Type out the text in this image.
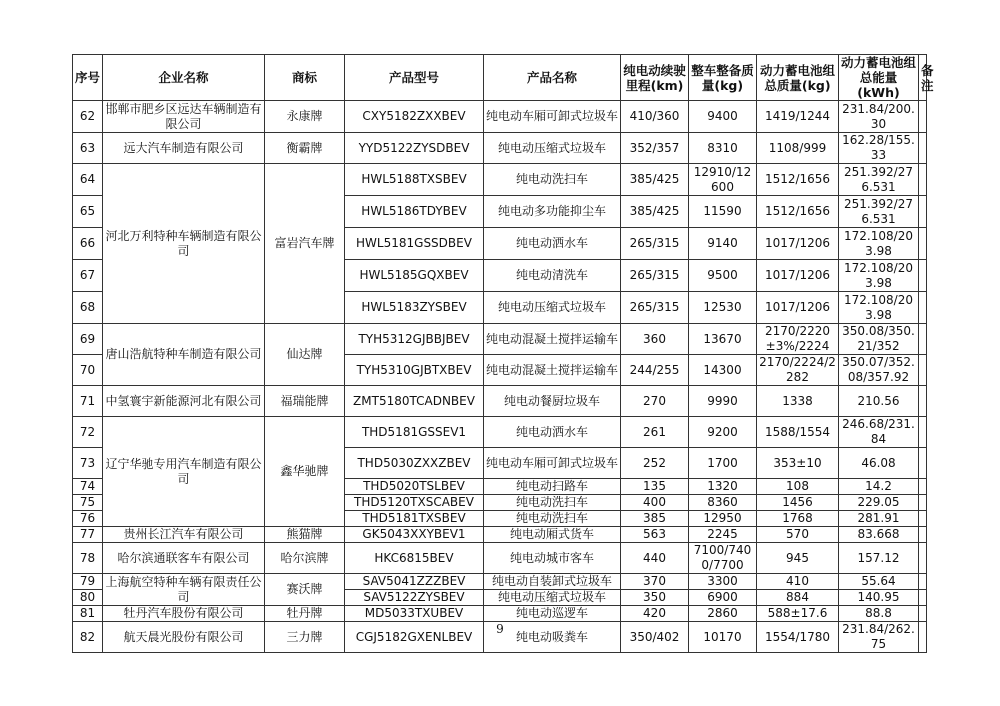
序号	企业名称	商标	产品型号	产品名称	纯电动续驶里程(km)	整车整备质量(kg)	动力蓄电池组总质量(kg)	动力蓄电池组总能量(kWh)	备注
62	邯郸市肥乡区远达车辆制造有限公司	永康牌	CXY5182ZXXBEV	纯电动车厢可卸式垃圾车	410/360	9400	1419/1244	231.84/200.30	
63	远大汽车制造有限公司	衡霸牌	YYD5122ZYSDBEV	纯电动压缩式垃圾车	352/357	8310	1108/999	162.28/155.33	
64	河北万利特种车辆制造有限公司	富岩汽车牌	HWL5188TXSBEV	纯电动洗扫车	385/425	12910/12600	1512/1656	251.392/276.531	
65			HWL5186TDYBEV	纯电动多功能抑尘车	385/425	11590	1512/1656	251.392/276.531	
66			HWL5181GSSDBEV	纯电动洒水车	265/315	9140	1017/1206	172.108/203.98	
67			HWL5185GQXBEV	纯电动清洗车	265/315	9500	1017/1206	172.108/203.98	
68			HWL5183ZYSBEV	纯电动压缩式垃圾车	265/315	12530	1017/1206	172.108/203.98	
69	唐山浩航特种车制造有限公司	仙达牌	TYH5312GJBBJBEV	纯电动混凝土搅拌运输车	360	13670	2170/2220±3%/2224	350.08/350.21/352	
70			TYH5310GJBTXBEV	纯电动混凝土搅拌运输车	244/255	14300	2170/2224/2282	350.07/352.08/357.92	
71	中氢寰宇新能源河北有限公司	福瑞能牌	ZMT5180TCADNBEV	纯电动餐厨垃圾车	270	9990	1338	210.56	
72	辽宁华驰专用汽车制造有限公司	鑫华驰牌	THD5181GSSEV1	纯电动洒水车	261	9200	1588/1554	246.68/231.84	
73			THD5030ZXXZBEV	纯电动车厢可卸式垃圾车	252	1700	353±10	46.08	
74			THD5020TSLBEV	纯电动扫路车	135	1320	108	14.2	
75			THD5120TXSCABEV	纯电动洗扫车	400	8360	1456	229.05	
76			THD5181TXSBEV	纯电动洗扫车	385	12950	1768	281.91	
77	贵州长江汽车有限公司	熊猫牌	GK5043XXYBEV1	纯电动厢式货车	563	2245	570	83.668	
78	哈尔滨通联客车有限公司	哈尔滨牌	HKC6815BEV	纯电动城市客车	440	7100/7400/7700	945	157.12	
79	上海航空特种车辆有限责任公司	赛沃牌	SAV5041ZZZBEV	纯电动自装卸式垃圾车	370	3300	410	55.64	
80			SAV5122ZYSBEV	纯电动压缩式垃圾车	350	6900	884	140.95	
81	牡丹汽车股份有限公司	牡丹牌	MD5033TXUBEV	纯电动巡逻车	420	2860	588±17.6	88.8	
82	航天晨光股份有限公司	三力牌	CGJ5182GXENLBEV	纯电动吸粪车	350/402	10170	1554/1780	231.84/262.75	
9
